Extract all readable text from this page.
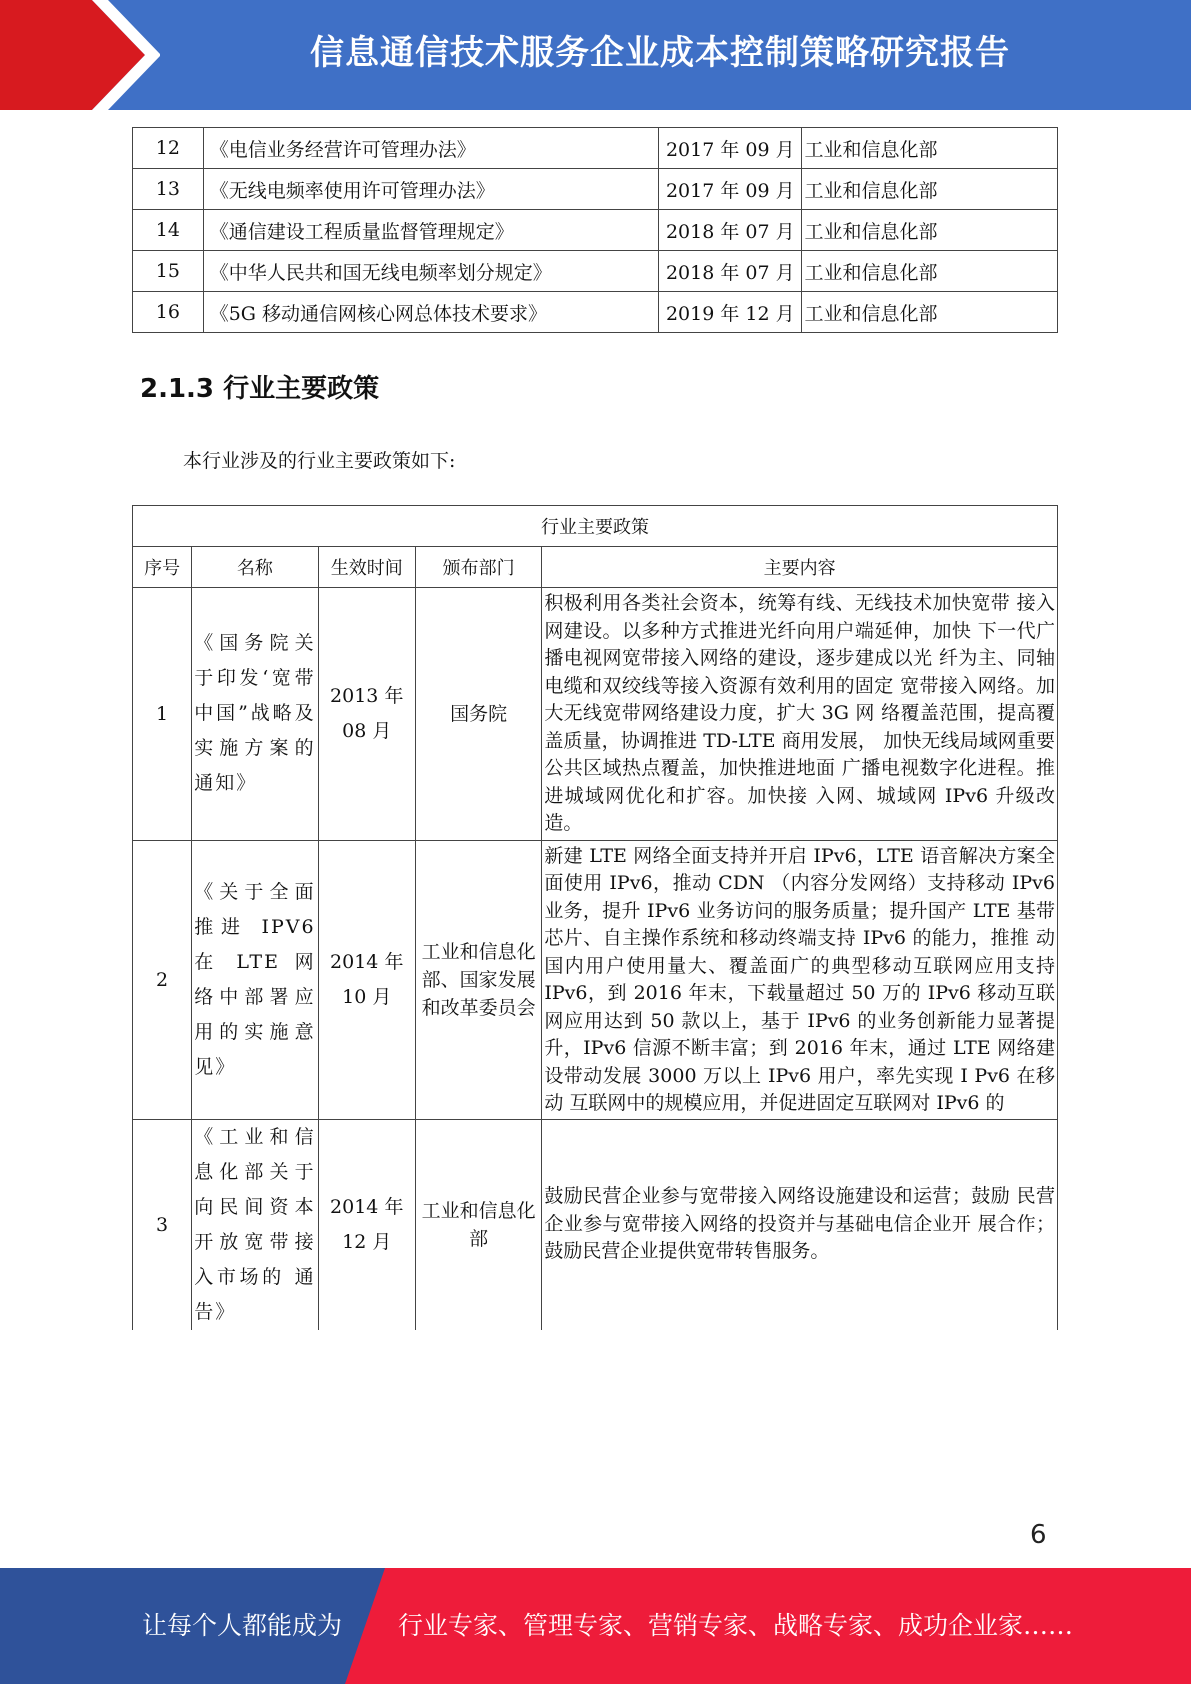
信息通信技术服务企业成本控制策略研究报告
12	《电信业务经营许可管理办法》	2017 年 09 月	工业和信息化部
13	《无线电频率使用许可管理办法》	2017 年 09 月	工业和信息化部
14	《通信建设工程质量监督管理规定》	2018 年 07 月	工业和信息化部
15	《中华人民共和国无线电频率划分规定》	2018 年 07 月	工业和信息化部
16	《5G 移动通信网核心网总体技术要求》	2019 年 12 月	工业和信息化部
2.1.3 行业主要政策
本行业涉及的行业主要政策如下:
行业主要政策				
序号	名称	生效时间	颁布部门	主要内容
1	《国务院关于印发‘宽带中国”战略及实施方案的通知》	2013 年 08 月	国务院	积极利用各类社会资本，统筹有线、无线技术加快宽带 接入网建设。以多种方式推进光纤向用户端延伸，加快 下一代广播电视网宽带接入网络的建设，逐步建成以光 纤为主、同轴电缆和双绞线等接入资源有效利用的固定 宽带接入网络。加大无线宽带网络建设力度，扩大 3G 网 络覆盖范围，提高覆盖质量，协调推进 TD-LTE 商用发展， 加快无线局域网重要公共区域热点覆盖，加快推进地面 广播电视数字化进程。推进城域网优化和扩容。加快接 入网、城域网 IPv6 升级改造。
2	《关于全面推进 IPV6 在 LTE 网络中部署应用的实施意见》	2014 年 10 月	工业和信息化部、国家发展和改革委员会	新建 LTE 网络全面支持并开启 IPv6，LTE 语音解决方案全面使用 IPv6，推动 CDN （内容分发网络）支持移动 IPv6 业务，提升 IPv6 业务访问的服务质量；提升国产 LTE 基带 芯片、自主操作系统和移动终端支持 IPv6 的能力，推推 动国内用户使用量大、覆盖面广的典型移动互联网应用支持 IPv6，到 2016 年末，下载量超过 50 万的 IPv6 移动互联网应用达到 50 款以上，基于 IPv6 的业务创新能力显著提升，IPv6 信源不断丰富；到 2016 年末，通过 LTE 网络建 设带动发展 3000 万以上 IPv6 用户，率先实现 I Pv6 在移动 互联网中的规模应用，并促进固定互联网对 IPv6 的

3	《工业和信息化部关于向民间资本开放宽带接入市场的 通告》	2014 年 12 月	工业和信息化部	鼓励民营企业参与宽带接入网络设施建设和运营；鼓励 民营企业参与宽带接入网络的投资并与基础电信企业开 展合作；鼓励民营企业提供宽带转售服务。
6
让每个人都能成为 行业专家、管理专家、营销专家、战略专家、成功企业家……
